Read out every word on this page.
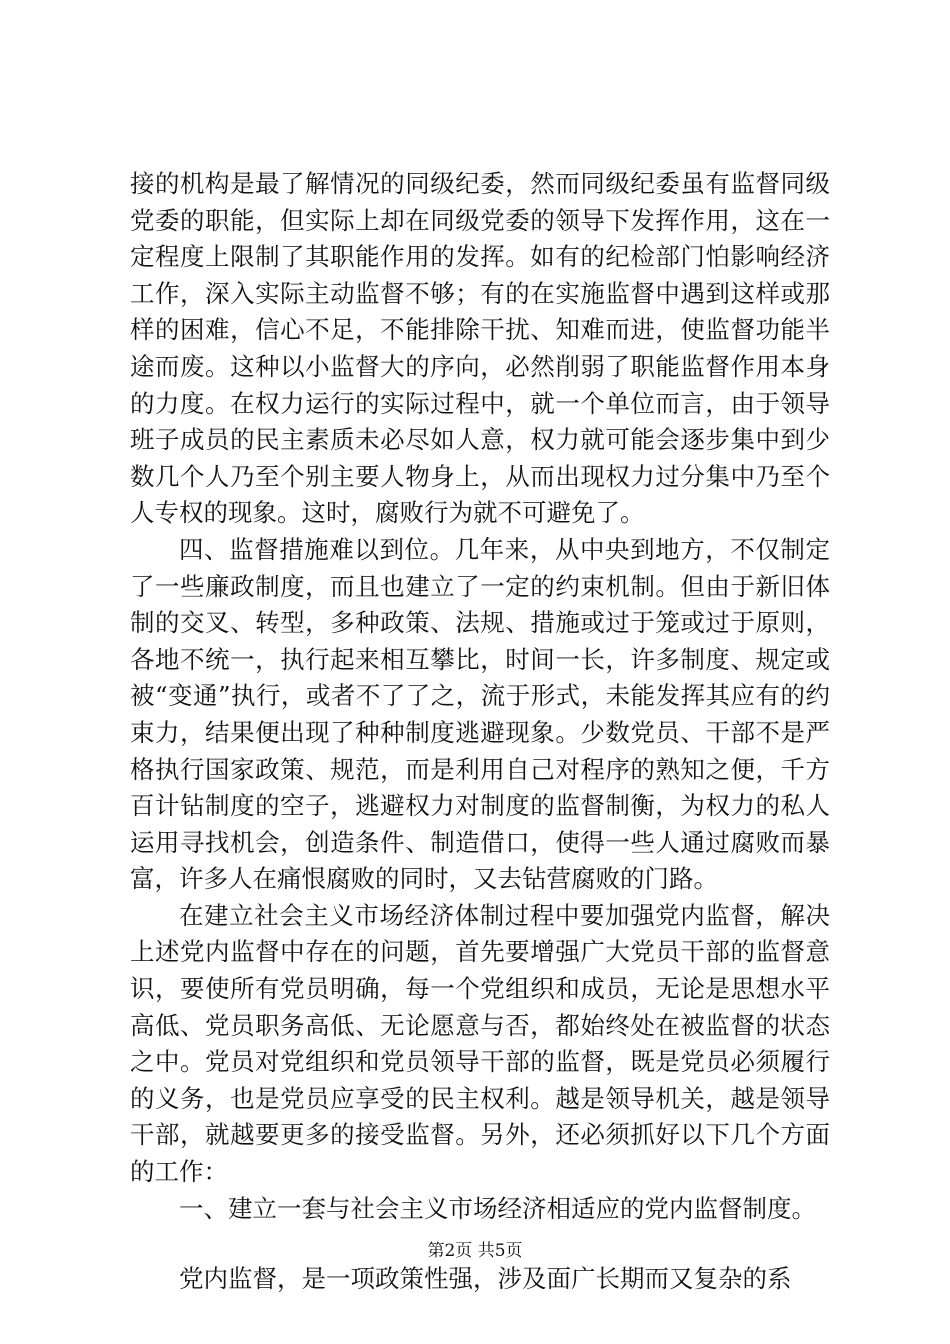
接的机构是最了解情况的同级纪委，然而同级纪委虽有监督同级党委的职能，但实际上却在同级党委的领导下发挥作用，这在一定程度上限制了其职能作用的发挥。如有的纪检部门怕影响经济工作，深入实际主动监督不够；有的在实施监督中遇到这样或那样的困难，信心不足，不能排除干扰、知难而进，使监督功能半途而废。这种以小监督大的序向，必然削弱了职能监督作用本身的力度。在权力运行的实际过程中，就一个单位而言，由于领导班子成员的民主素质未必尽如人意，权力就可能会逐步集中到少数几个人乃至个别主要人物身上，从而出现权力过分集中乃至个人专权的现象。这时，腐败行为就不可避免了。

四、监督措施难以到位。几年来，从中央到地方，不仅制定了一些廉政制度，而且也建立了一定的约束机制。但由于新旧体制的交叉、转型，多种政策、法规、措施或过于笼或过于原则，各地不统一，执行起来相互攀比，时间一长，许多制度、规定或被“变通”执行，或者不了了之，流于形式，未能发挥其应有的约束力，结果便出现了种种制度逃避现象。少数党员、干部不是严格执行国家政策、规范，而是利用自己对程序的熟知之便，千方百计钻制度的空子，逃避权力对制度的监督制衡，为权力的私人运用寻找机会，创造条件、制造借口，使得一些人通过腐败而暴富，许多人在痛恨腐败的同时，又去钻营腐败的门路。

在建立社会主义市场经济体制过程中要加强党内监督，解决上述党内监督中存在的问题，首先要增强广大党员干部的监督意识，要使所有党员明确，每一个党组织和成员，无论是思想水平高低、党员职务高低、无论愿意与否，都始终处在被监督的状态之中。党员对党组织和党员领导干部的监督，既是党员必须履行的义务，也是党员应享受的民主权利。越是领导机关，越是领导干部，就越要更多的接受监督。另外，还必须抓好以下几个方面的工作：

一、建立一套与社会主义市场经济相适应的党内监督制度。

党内监督，是一项政策性强，涉及面广长期而又复杂的系

第2页 共5页
